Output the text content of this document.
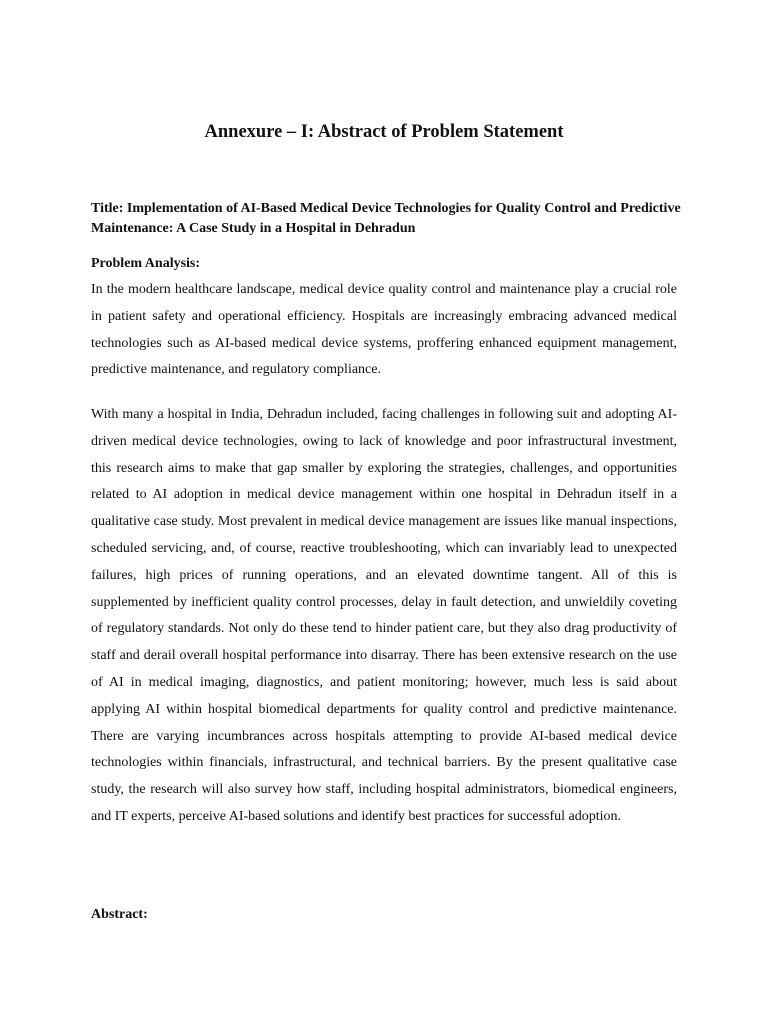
Annexure – I: Abstract of Problem Statement

Title: Implementation of AI-Based Medical Device Technologies for Quality Control and Predictive Maintenance: A Case Study in a Hospital in Dehradun

Problem Analysis:

In the modern healthcare landscape, medical device quality control and maintenance play a crucial role in patient safety and operational efficiency. Hospitals are increasingly embracing advanced medical technologies such as AI-based medical device systems, proffering enhanced equipment management, predictive maintenance, and regulatory compliance.

With many a hospital in India, Dehradun included, facing challenges in following suit and adopting AI-driven medical device technologies, owing to lack of knowledge and poor infrastructural investment, this research aims to make that gap smaller by exploring the strategies, challenges, and opportunities related to AI adoption in medical device management within one hospital in Dehradun itself in a qualitative case study. Most prevalent in medical device management are issues like manual inspections, scheduled servicing, and, of course, reactive troubleshooting, which can invariably lead to unexpected failures, high prices of running operations, and an elevated downtime tangent. All of this is supplemented by inefficient quality control processes, delay in fault detection, and unwieldily coveting of regulatory standards. Not only do these tend to hinder patient care, but they also drag productivity of staff and derail overall hospital performance into disarray. There has been extensive research on the use of AI in medical imaging, diagnostics, and patient monitoring; however, much less is said about applying AI within hospital biomedical departments for quality control and predictive maintenance. There are varying incumbrances across hospitals attempting to provide AI-based medical device technologies within financials, infrastructural, and technical barriers. By the present qualitative case study, the research will also survey how staff, including hospital administrators, biomedical engineers, and IT experts, perceive AI-based solutions and identify best practices for successful adoption.

Abstract:
